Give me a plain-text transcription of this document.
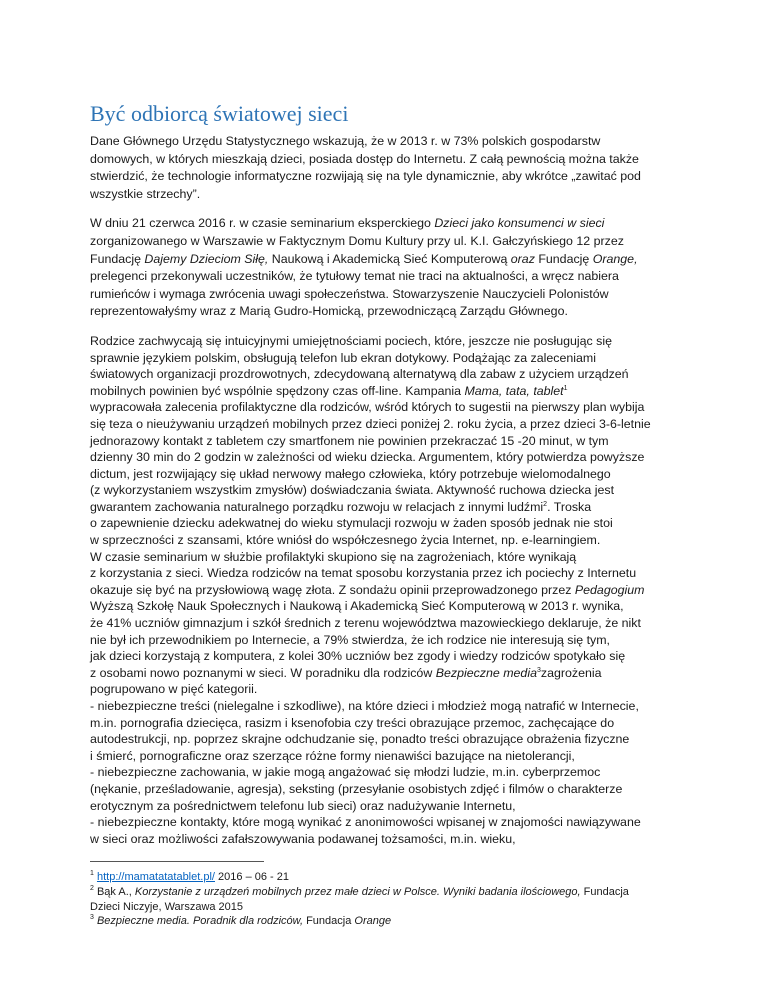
Być odbiorcą światowej sieci

Dane Głównego Urzędu Statystycznego wskazują, że w 2013 r. w 73% polskich gospodarstw
domowych, w których mieszkają dzieci, posiada dostęp do Internetu. Z całą pewnością można także
stwierdzić, że technologie informatyczne rozwijają się na tyle dynamicznie, aby wkrótce „zawitać pod
wszystkie strzechy”.

W dniu 21 czerwca 2016 r. w czasie seminarium eksperckiego Dzieci jako konsumenci w sieci
zorganizowanego w Warszawie w Faktycznym Domu Kultury przy ul. K.I. Gałczyńskiego 12 przez
Fundację Dajemy Dzieciom Siłę, Naukową i Akademicką Sieć Komputerową oraz Fundację Orange,
prelegenci przekonywali uczestników, że tytułowy temat nie traci na aktualności, a wręcz nabiera
rumieńców i wymaga zwrócenia uwagi społeczeństwa. Stowarzyszenie Nauczycieli Polonistów
reprezentowałyśmy wraz z Marią Gudro-Homicką, przewodniczącą Zarządu Głównego.

Rodzice zachwycają się intuicyjnymi umiejętnościami pociech, które, jeszcze nie posługując się
sprawnie językiem polskim, obsługują telefon lub ekran dotykowy. Podążając za zaleceniami
światowych organizacji prozdrowotnych, zdecydowaną alternatywą dla zabaw z użyciem urządzeń
mobilnych powinien być wspólnie spędzony czas off-line. Kampania Mama, tata, tablet$^1$
wypracowała zalecenia profilaktyczne dla rodziców, wśród których to sugestii na pierwszy plan wybija
się teza o nieużywaniu urządzeń mobilnych przez dzieci poniżej 2. roku życia, a przez dzieci 3-6-letnie
jednorazowy kontakt z tabletem czy smartfonem nie powinien przekraczać 15 -20 minut, w tym
dzienny 30 min do 2 godzin w zależności od wieku dziecka. Argumentem, który potwierdza powyższe
dictum, jest rozwijający się układ nerwowy małego człowieka, który potrzebuje wielomodalnego
(z wykorzystaniem wszystkim zmysłów) doświadczania świata. Aktywność ruchowa dziecka jest
gwarantem zachowania naturalnego porządku rozwoju w relacjach z innymi ludźmi$^2$. Troska
o zapewnienie dziecku adekwatnej do wieku stymulacji rozwoju w żaden sposób jednak nie stoi
w sprzeczności z szansami, które wniósł do współczesnego życia Internet, np. e-learningiem.
W czasie seminarium w służbie profilaktyki skupiono się na zagrożeniach, które wynikają
z korzystania z sieci. Wiedza rodziców na temat sposobu korzystania przez ich pociechy z Internetu
okazuje się być na przysłowiową wagę złota. Z sondażu opinii przeprowadzonego przez Pedagogium
Wyższą Szkołę Nauk Społecznych i Naukową i Akademicką Sieć Komputerową w 2013 r. wynika,
że 41% uczniów gimnazjum i szkół średnich z terenu województwa mazowieckiego deklaruje, że nikt
nie był ich przewodnikiem po Internecie, a 79% stwierdza, że ich rodzice nie interesują się tym,
jak dzieci korzystają z komputera, z kolei 30% uczniów bez zgody i wiedzy rodziców spotykało się
z osobami nowo poznanymi w sieci. W poradniku dla rodziców Bezpieczne media$^3$zagrożenia
pogrupowano w pięć kategorii.
- niebezpieczne treści (nielegalne i szkodliwe), na które dzieci i młodzież mogą natrafić w Internecie,
m.in. pornografia dziecięca, rasizm i ksenofobia czy treści obrazujące przemoc, zachęcające do
autodestrukcji, np. poprzez skrajne odchudzanie się, ponadto treści obrazujące obrażenia fizyczne
i śmierć, pornograficzne oraz szerzące różne formy nienawiści bazujące na nietolerancji,
- niebezpieczne zachowania, w jakie mogą angażować się młodzi ludzie, m.in. cyberprzemoc
(nękanie, prześladowanie, agresja), seksting (przesyłanie osobistych zdjęć i filmów o charakterze
erotycznym za pośrednictwem telefonu lub sieci) oraz nadużywanie Internetu,
- niebezpieczne kontakty, które mogą wynikać z anonimowości wpisanej w znajomości nawiązywane
w sieci oraz możliwości zafałszowywania podawanej tożsamości, m.in. wieku,

$^1$ http://mamatatatablet.pl/ 2016 – 06 - 21
$^2$ Bąk A., Korzystanie z urządzeń mobilnych przez małe dzieci w Polsce. Wyniki badania ilościowego, Fundacja
Dzieci Niczyje, Warszawa 2015
$^3$ Bezpieczne media. Poradnik dla rodziców, Fundacja Orange
